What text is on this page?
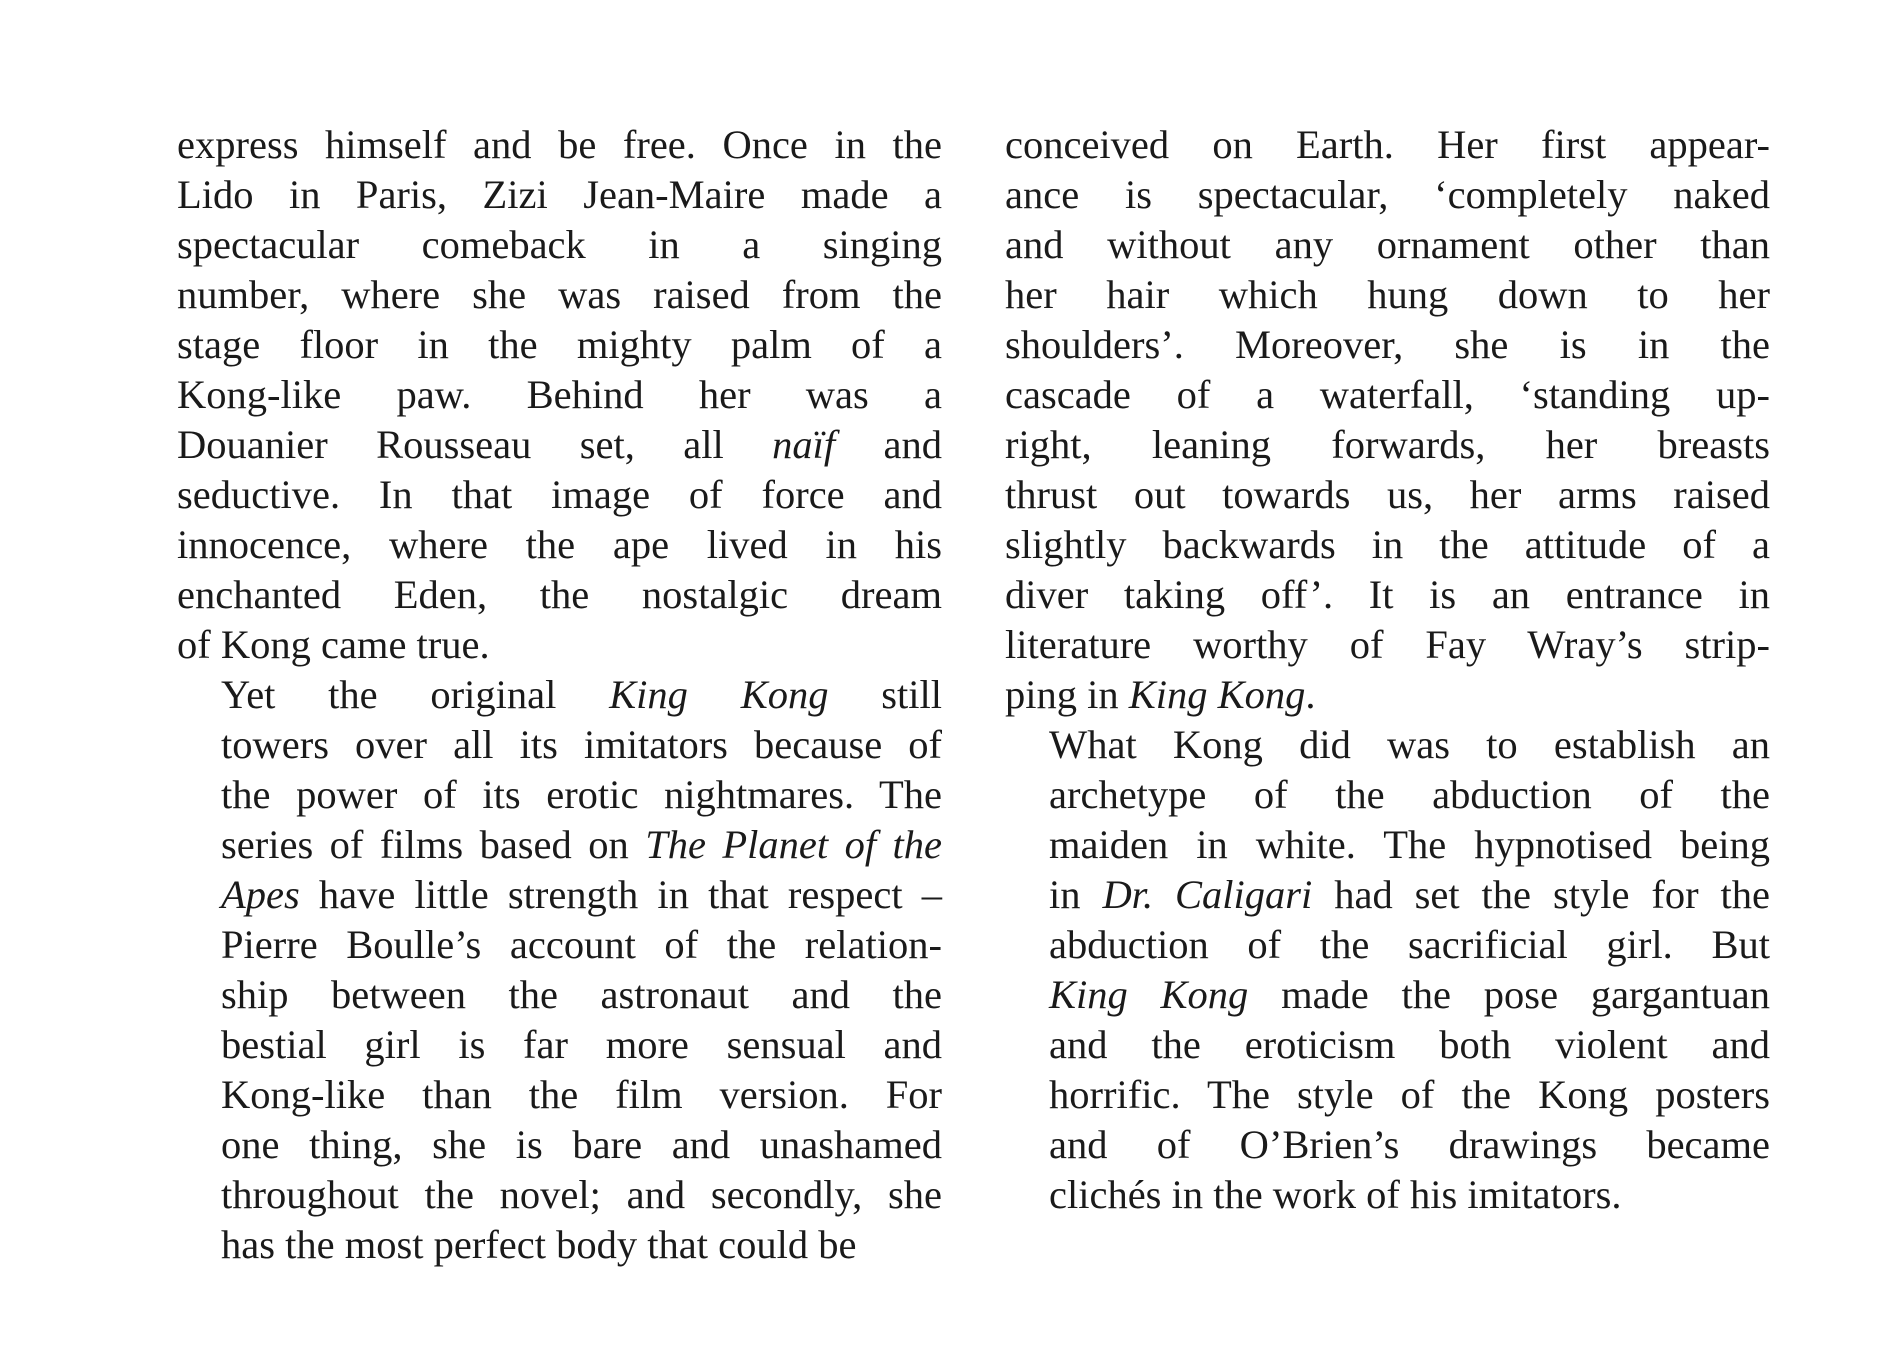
express himself and be free. Once in the
Lido in Paris, Zizi Jean-Maire made a
spectacular comeback in a singing
number, where she was raised from the
stage floor in the mighty palm of a
Kong-like paw. Behind her was a
Douanier Rousseau set, all naïf and
seductive. In that image of force and
innocence, where the ape lived in his
enchanted Eden, the nostalgic dream
of Kong came true.
Yet the original King Kong still
towers over all its imitators because of
the power of its erotic nightmares. The
series of films based on The Planet of the
Apes have little strength in that respect –
Pierre Boulle’s account of the relation-
ship between the astronaut and the
bestial girl is far more sensual and
Kong-like than the film version. For
one thing, she is bare and unashamed
throughout the novel; and secondly, she
has the most perfect body that could be
conceived on Earth. Her first appear-
ance is spectacular, ‘completely naked
and without any ornament other than
her hair which hung down to her
shoulders’. Moreover, she is in the
cascade of a waterfall, ‘standing up-
right, leaning forwards, her breasts
thrust out towards us, her arms raised
slightly backwards in the attitude of a
diver taking off’. It is an entrance in
literature worthy of Fay Wray’s strip-
ping in King Kong.
What Kong did was to establish an
archetype of the abduction of the
maiden in white. The hypnotised being
in Dr. Caligari had set the style for the
abduction of the sacrificial girl. But
King Kong made the pose gargantuan
and the eroticism both violent and
horrific. The style of the Kong posters
and of O’Brien’s drawings became
clichés in the work of his imitators.
